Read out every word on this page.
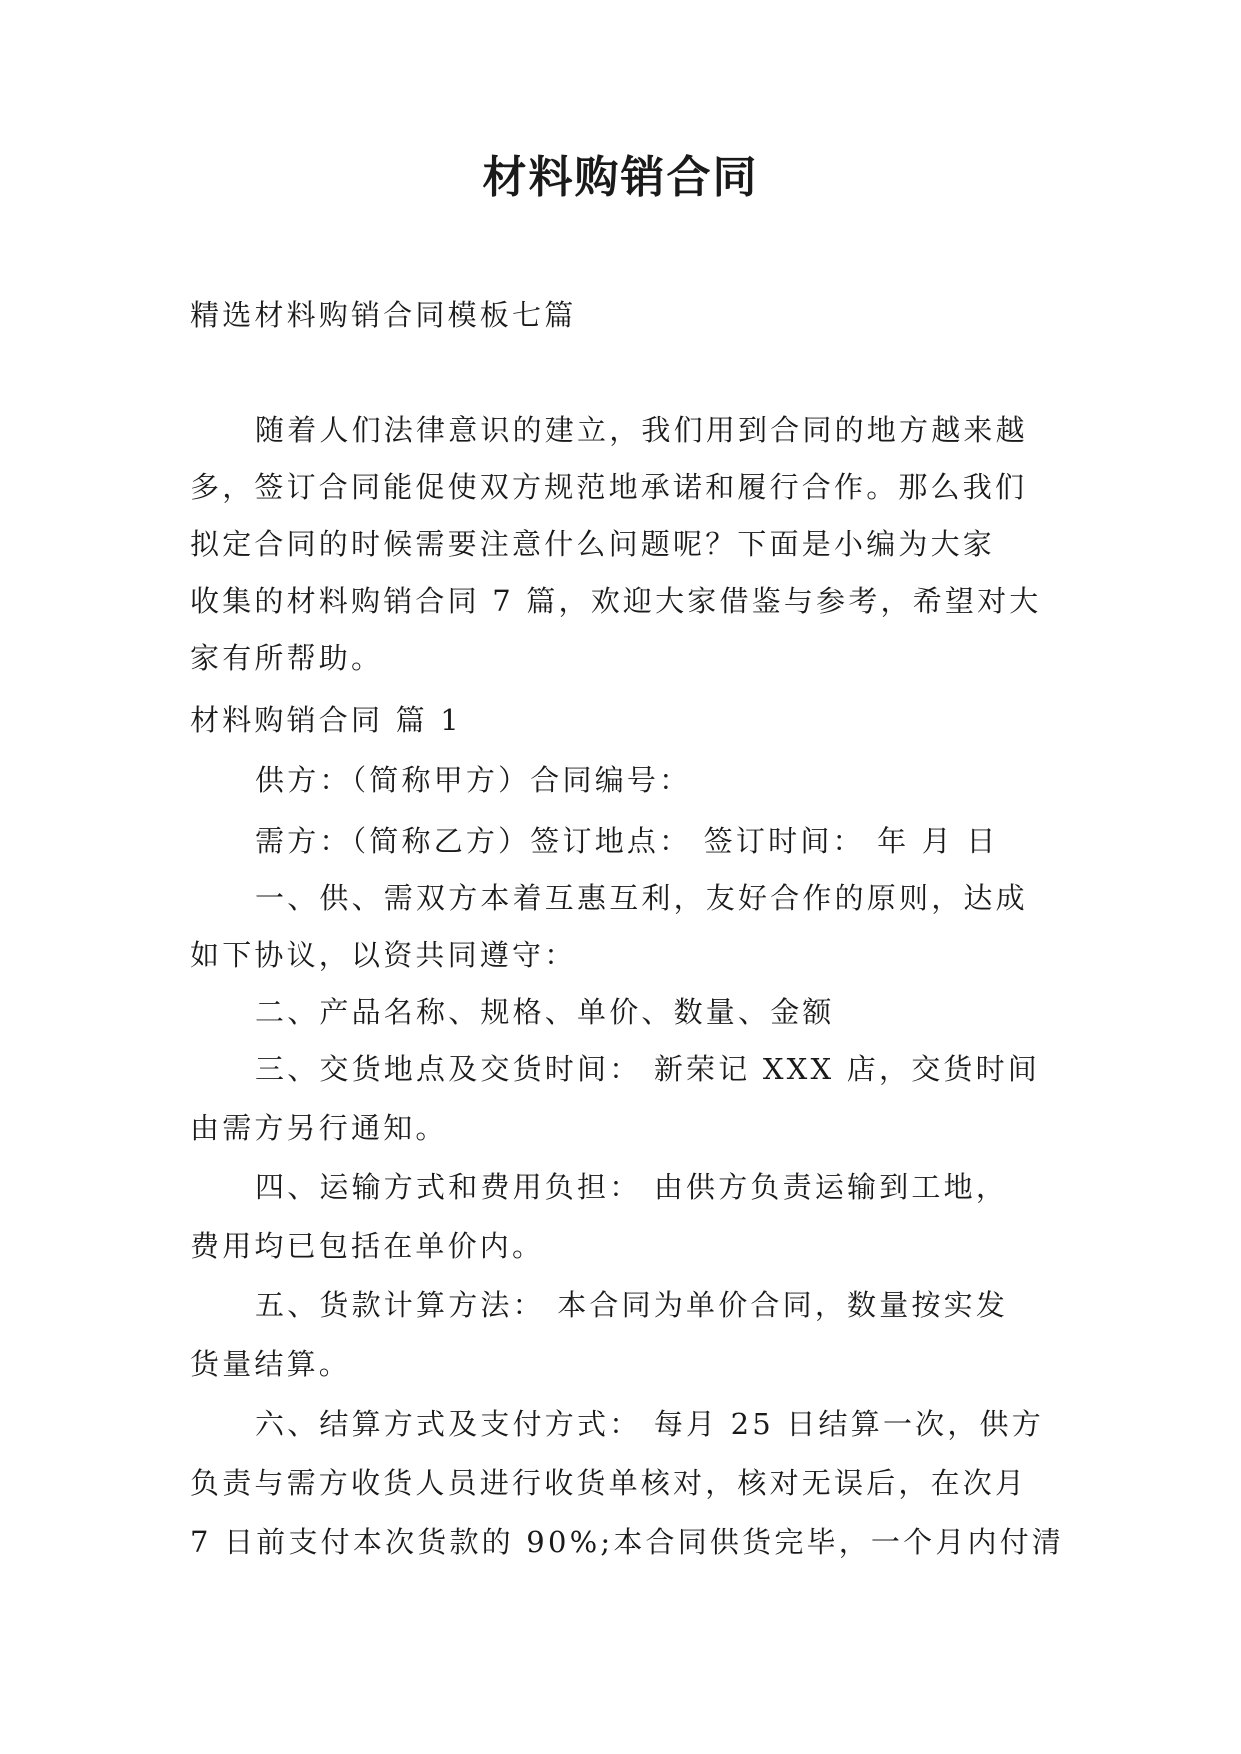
材料购销合同
精选材料购销合同模板七篇
随着人们法律意识的建立，我们用到合同的地方越来越
多，签订合同能促使双方规范地承诺和履行合作。那么我们
拟定合同的时候需要注意什么问题呢？下面是小编为大家
收集的材料购销合同 7 篇，欢迎大家借鉴与参考，希望对大
家有所帮助。
材料购销合同 篇 1
供方：（简称甲方）合同编号：
需方：（简称乙方）签订地点： 签订时间： 年 月 日
一、供、需双方本着互惠互利，友好合作的原则，达成
如下协议，以资共同遵守：
二、产品名称、规格、单价、数量、金额
三、交货地点及交货时间： 新荣记 XXX 店，交货时间
由需方另行通知。
四、运输方式和费用负担： 由供方负责运输到工地，
费用均已包括在单价内。
五、货款计算方法： 本合同为单价合同，数量按实发
货量结算。
六、结算方式及支付方式： 每月 25 日结算一次，供方
负责与需方收货人员进行收货单核对，核对无误后，在次月
7 日前支付本次货款的 90%;本合同供货完毕，一个月内付清
